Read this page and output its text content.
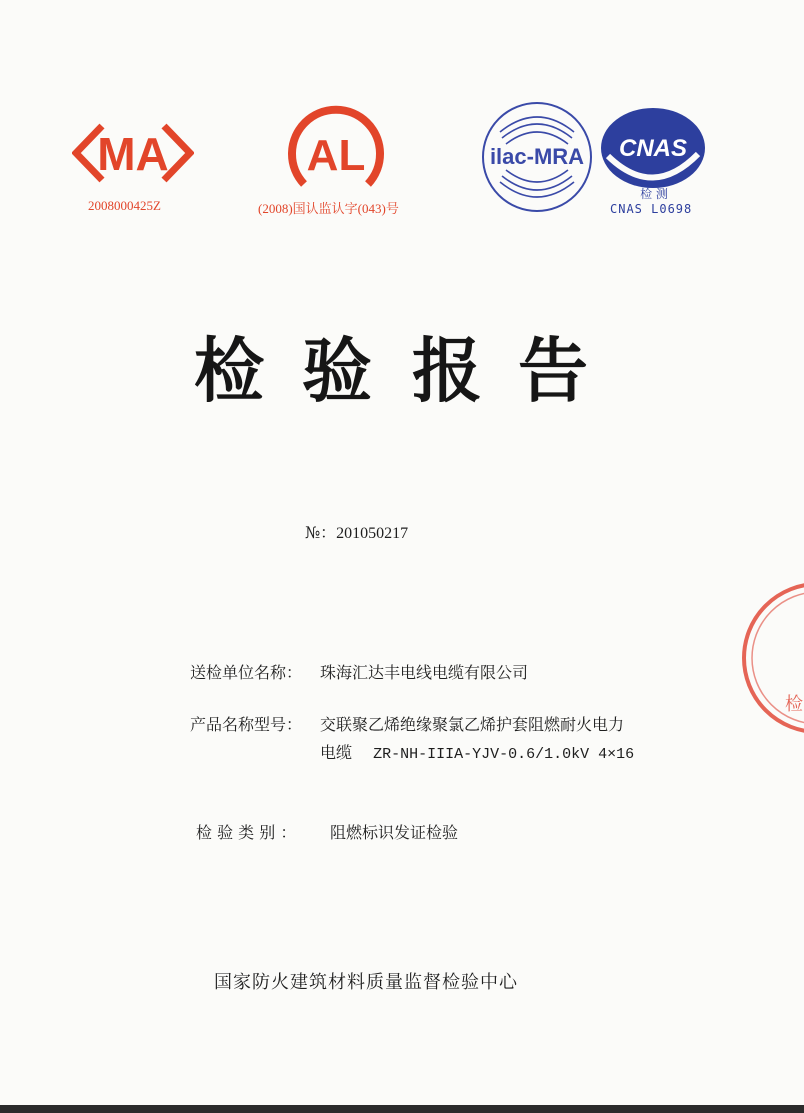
MA
2008000425Z
AL
(2008)国认监认字(043)号
ilac-MRA CNAS
检 测
CNAS L0698
检 验 报 告
№：201050217
送检单位名称： 珠海汇达丰电线电缆有限公司
产品名称型号： 交联聚乙烯绝缘聚氯乙烯护套阻燃耐火电力
电缆 ZR-NH-IIIA-YJV-0.6/1.0kV 4×16
检 验 类 别 ： 阻燃标识发证检验
国家防火建筑材料质量监督检验中心
检
